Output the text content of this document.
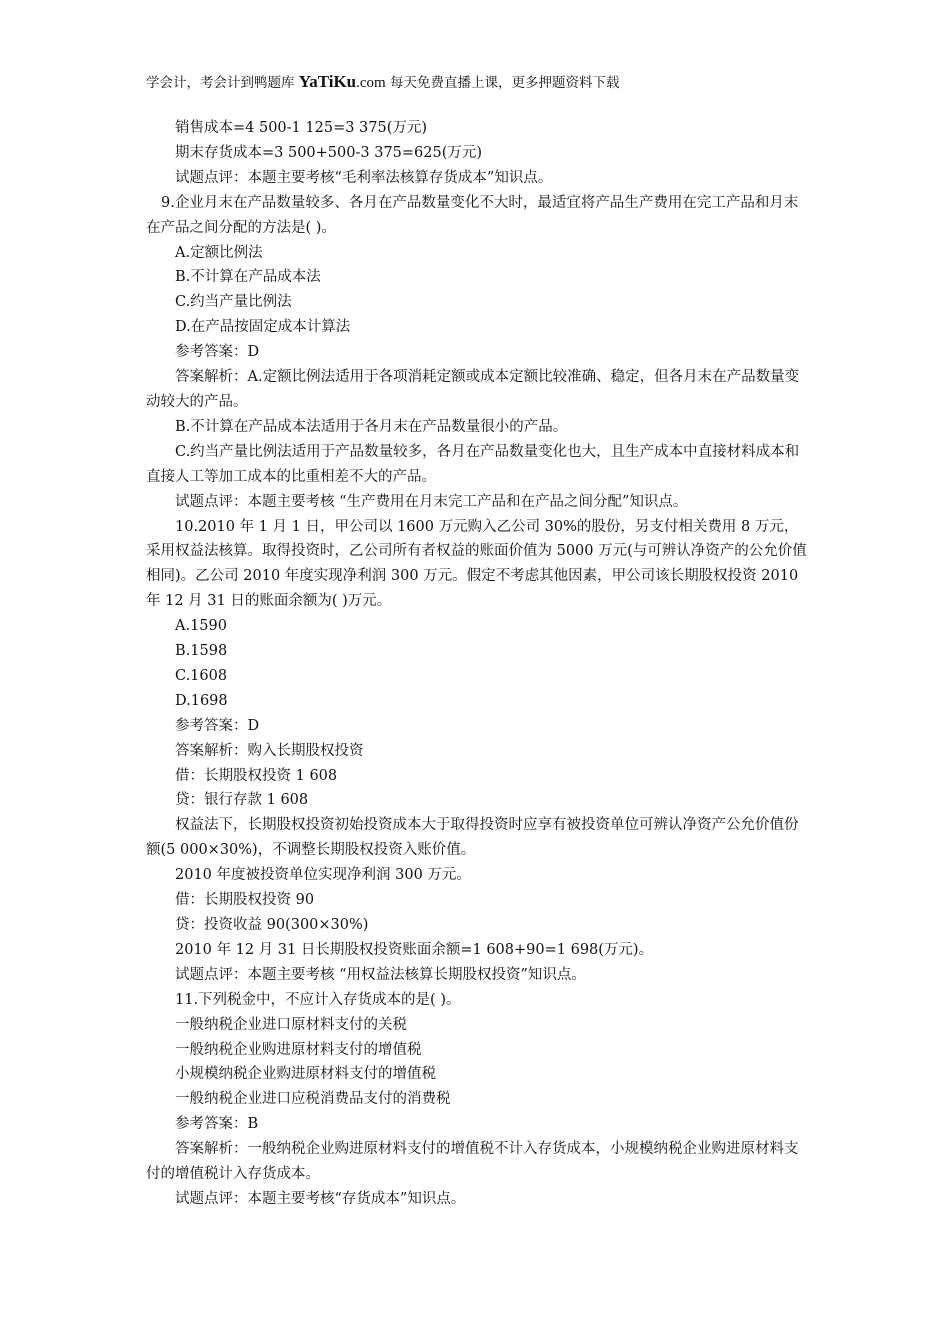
学会计，考会计到鸭题库 YaTiKu.com 每天免费直播上课，更多押题资料下载

销售成本=4 500-1 125=3 375(万元)

期末存货成本=3 500+500-3 375=625(万元)

试题点评：本题主要考核“毛利率法核算存货成本”知识点。

9.企业月末在产品数量较多、各月在产品数量变化不大时，最适宜将产品生产费用在完工产品和月末在产品之间分配的方法是( )。

A.定额比例法

B.不计算在产品成本法

C.约当产量比例法

D.在产品按固定成本计算法

参考答案：D

答案解析：A.定额比例法适用于各项消耗定额或成本定额比较准确、稳定，但各月末在产品数量变动较大的产品。

B.不计算在产品成本法适用于各月末在产品数量很小的产品。

C.约当产量比例法适用于产品数量较多，各月在产品数量变化也大，且生产成本中直接材料成本和直接人工等加工成本的比重相差不大的产品。

试题点评：本题主要考核 “生产费用在月末完工产品和在产品之间分配”知识点。

10.2010 年 1 月 1 日，甲公司以 1600 万元购入乙公司 30%的股份，另支付相关费用 8 万元，采用权益法核算。取得投资时，乙公司所有者权益的账面价值为 5000 万元(与可辨认净资产的公允价值相同)。乙公司 2010 年度实现净利润 300 万元。假定不考虑其他因素，甲公司该长期股权投资 2010 年 12 月 31 日的账面余额为( )万元。

A.1590

B.1598

C.1608

D.1698

参考答案：D

答案解析：购入长期股权投资

借：长期股权投资 1 608

贷：银行存款 1 608

权益法下，长期股权投资初始投资成本大于取得投资时应享有被投资单位可辨认净资产公允价值份额(5 000×30%)，不调整长期股权投资入账价值。

2010 年度被投资单位实现净利润 300 万元。

借：长期股权投资 90

贷：投资收益 90(300×30%)

2010 年 12 月 31 日长期股权投资账面余额=1 608+90=1 698(万元)。

试题点评：本题主要考核 “用权益法核算长期股权投资”知识点。

11.下列税金中，不应计入存货成本的是( )。

一般纳税企业进口原材料支付的关税

一般纳税企业购进原材料支付的增值税

小规模纳税企业购进原材料支付的增值税

一般纳税企业进口应税消费品支付的消费税

参考答案：B

答案解析：一般纳税企业购进原材料支付的增值税不计入存货成本，小规模纳税企业购进原材料支付的增值税计入存货成本。

试题点评：本题主要考核“存货成本”知识点。
